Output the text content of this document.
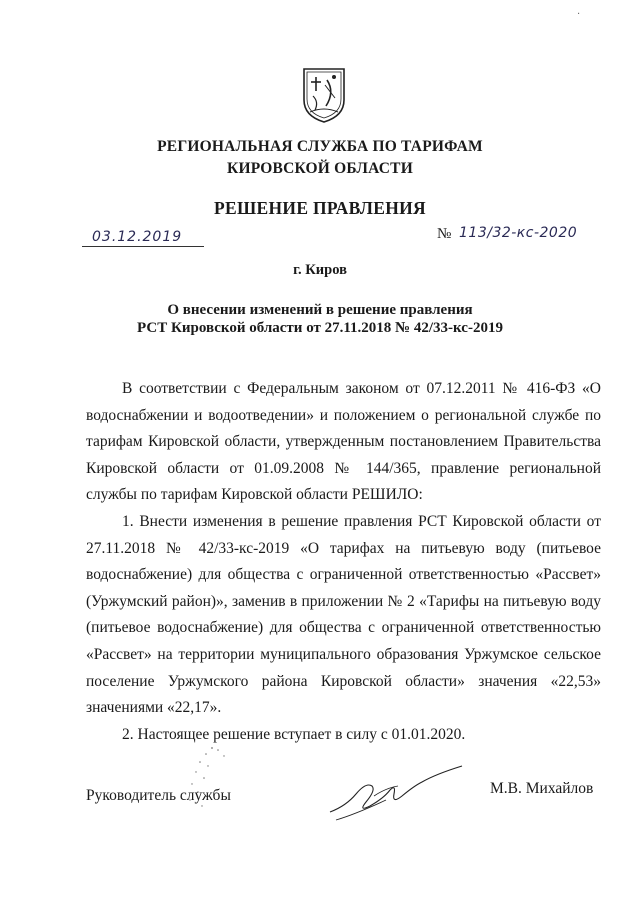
·
РЕГИОНАЛЬНАЯ СЛУЖБА ПО ТАРИФАМ
КИРОВСКОЙ ОБЛАСТИ
РЕШЕНИЕ ПРАВЛЕНИЯ
03.12.2019	№ 113/32-кс-2020
г. Киров
О внесении изменений в решение правления
РСТ Кировской области от 27.11.2018 № 42/33-кс-2019

В соответствии с Федеральным законом от 07.12.2011 № 416-ФЗ «О водоснабжении и водоотведении» и положением о региональной службе по тарифам Кировской области, утвержденным постановлением Правительства Кировской области от 01.09.2008 № 144/365, правление региональной службы по тарифам Кировской области РЕШИЛО:

1. Внести изменения в решение правления РСТ Кировской области от 27.11.2018 № 42/33-кс-2019 «О тарифах на питьевую воду (питьевое водоснабжение) для общества с ограниченной ответственностью «Рассвет» (Уржумский район)», заменив в приложении № 2 «Тарифы на питьевую воду (питьевое водоснабжение) для общества с ограниченной ответственностью «Рассвет» на территории муниципального образования Уржумское сельское поселение Уржумского района Кировской области» значения «22,53» значениями «22,17».

2. Настоящее решение вступает в силу с 01.01.2020.

Руководитель службы	М.В. Михайлов
